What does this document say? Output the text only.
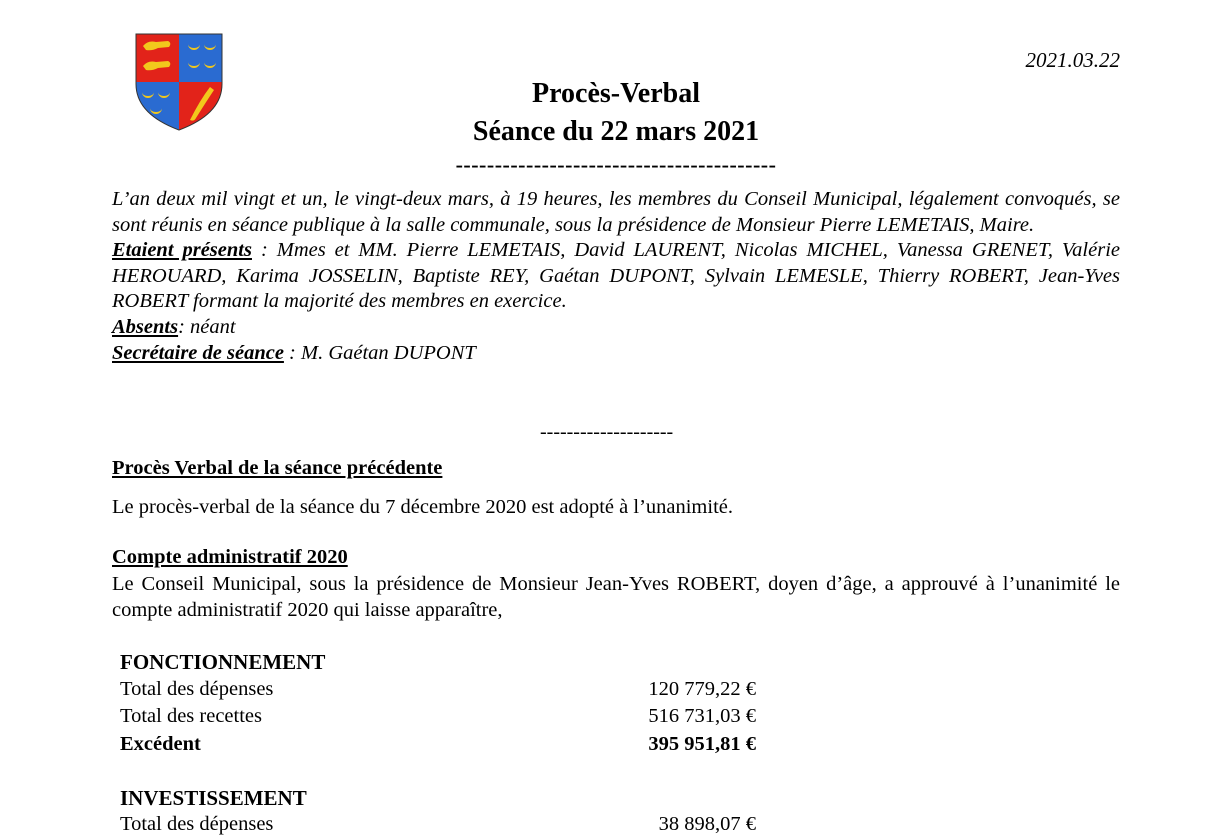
2021.03.22
Procès-Verbal
Séance du 22 mars 2021
-----------------------------------------
L’an deux mil vingt et un, le vingt-deux mars, à 19 heures, les membres du Conseil Municipal, légalement convoqués, se sont réunis en séance publique à la salle communale, sous la présidence de Monsieur Pierre LEMETAIS, Maire.
Etaient présents : Mmes et MM. Pierre LEMETAIS, David LAURENT, Nicolas MICHEL, Vanessa GRENET, Valérie HEROUARD, Karima JOSSELIN, Baptiste REY, Gaétan DUPONT, Sylvain LEMESLE, Thierry ROBERT, Jean-Yves ROBERT formant la majorité des membres en exercice.
Absents: néant
Secrétaire de séance : M. Gaétan DUPONT
--------------------
Procès Verbal de la séance précédente
Le procès-verbal de la séance du 7 décembre 2020 est adopté à l’unanimité.
Compte administratif 2020
Le Conseil Municipal, sous la présidence de Monsieur Jean-Yves ROBERT, doyen d’âge, a approuvé à l’unanimité le compte administratif 2020 qui laisse apparaître,
FONCTIONNEMENT
Total des dépenses	120 779,22 €
Total des recettes	516 731,03 €
Excédent	395 951,81 €
INVESTISSEMENT
Total des dépenses	38 898,07 €
